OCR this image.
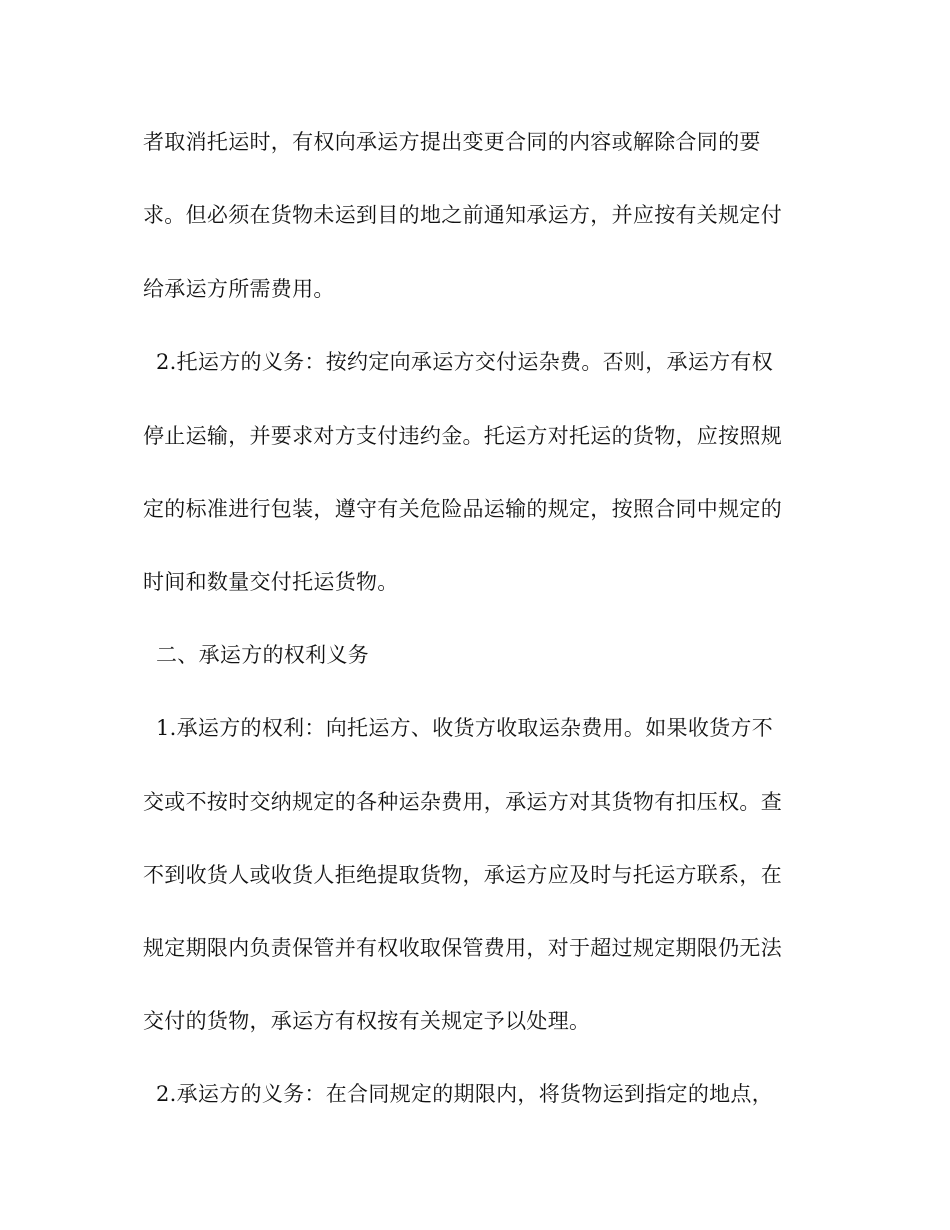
者取消托运时，有权向承运方提出变更合同的内容或解除合同的要
求。但必须在货物未运到目的地之前通知承运方，并应按有关规定付
给承运方所需费用。
2.托运方的义务：按约定向承运方交付运杂费。否则，承运方有权
停止运输，并要求对方支付违约金。托运方对托运的货物，应按照规
定的标准进行包装，遵守有关危险品运输的规定，按照合同中规定的
时间和数量交付托运货物。
二、承运方的权利义务
1.承运方的权利：向托运方、收货方收取运杂费用。如果收货方不
交或不按时交纳规定的各种运杂费用，承运方对其货物有扣压权。查
不到收货人或收货人拒绝提取货物，承运方应及时与托运方联系，在
规定期限内负责保管并有权收取保管费用，对于超过规定期限仍无法
交付的货物，承运方有权按有关规定予以处理。
2.承运方的义务：在合同规定的期限内，将货物运到指定的地点，
